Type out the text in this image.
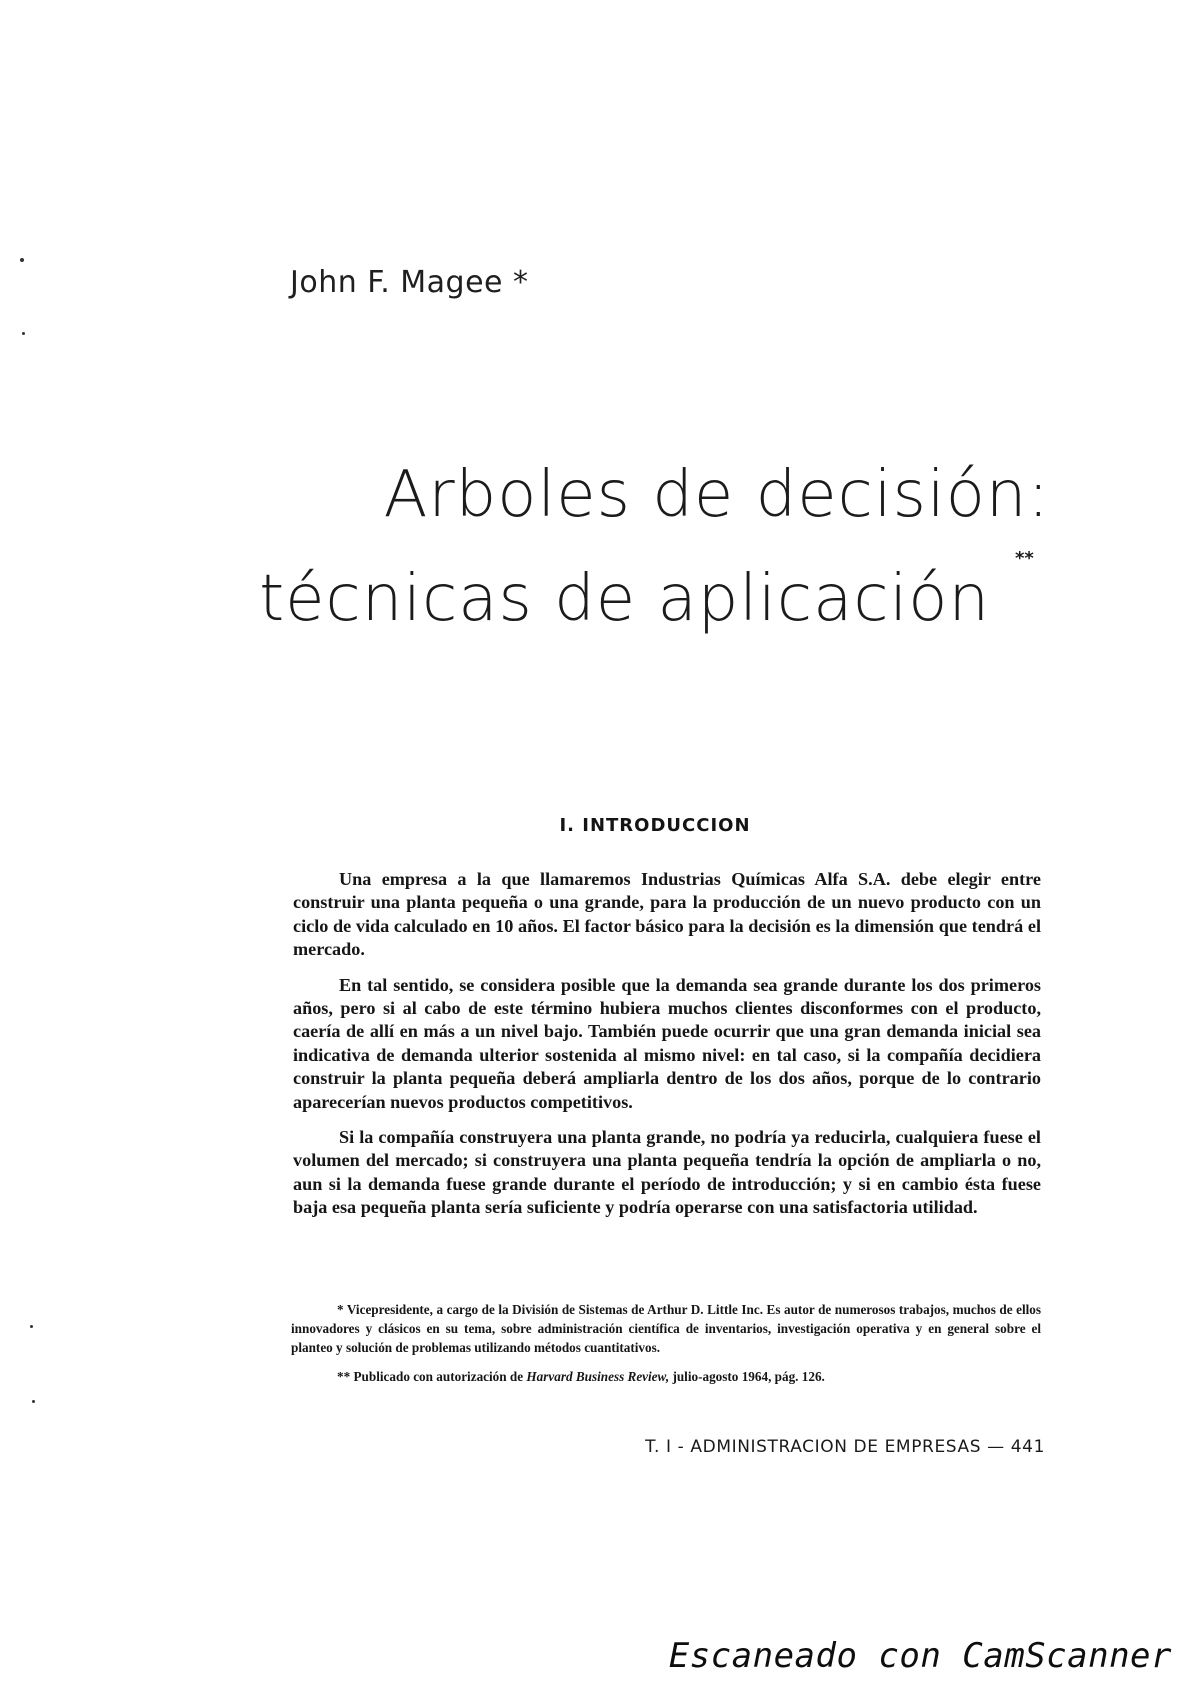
John F. Magee *
Arboles de decisión:
técnicas de aplicación
**
I. INTRODUCCION

Una empresa a la que llamaremos Industrias Químicas Alfa S.A. debe elegir entre construir una planta pequeña o una grande, para la producción de un nuevo producto con un ciclo de vida calculado en 10 años. El factor básico para la decisión es la dimensión que tendrá el mercado.

En tal sentido, se considera posible que la demanda sea grande durante los dos primeros años, pero si al cabo de este término hubiera muchos clientes disconformes con el producto, caería de allí en más a un nivel bajo. También puede ocurrir que una gran demanda inicial sea indicativa de demanda ulterior sostenida al mismo nivel: en tal caso, si la compañía decidiera construir la planta pequeña deberá ampliarla dentro de los dos años, porque de lo contrario aparecerían nuevos productos competitivos.

Si la compañía construyera una planta grande, no podría ya reducirla, cualquiera fuese el volumen del mercado; si construyera una planta pequeña tendría la opción de ampliarla o no, aun si la demanda fuese grande durante el período de introducción; y si en cambio ésta fuese baja esa pequeña planta sería suficiente y podría operarse con una satisfactoria utilidad.

* Vicepresidente, a cargo de la División de Sistemas de Arthur D. Little Inc. Es autor de numerosos trabajos, muchos de ellos innovadores y clásicos en su tema, sobre administración científica de inventarios, investigación operativa y en general sobre el planteo y solución de problemas utilizando métodos cuantitativos.

** Publicado con autorización de Harvard Business Review, julio-agosto 1964, pág. 126.

T. I - ADMINISTRACION DE EMPRESAS — 441
Escaneado con CamScanner
